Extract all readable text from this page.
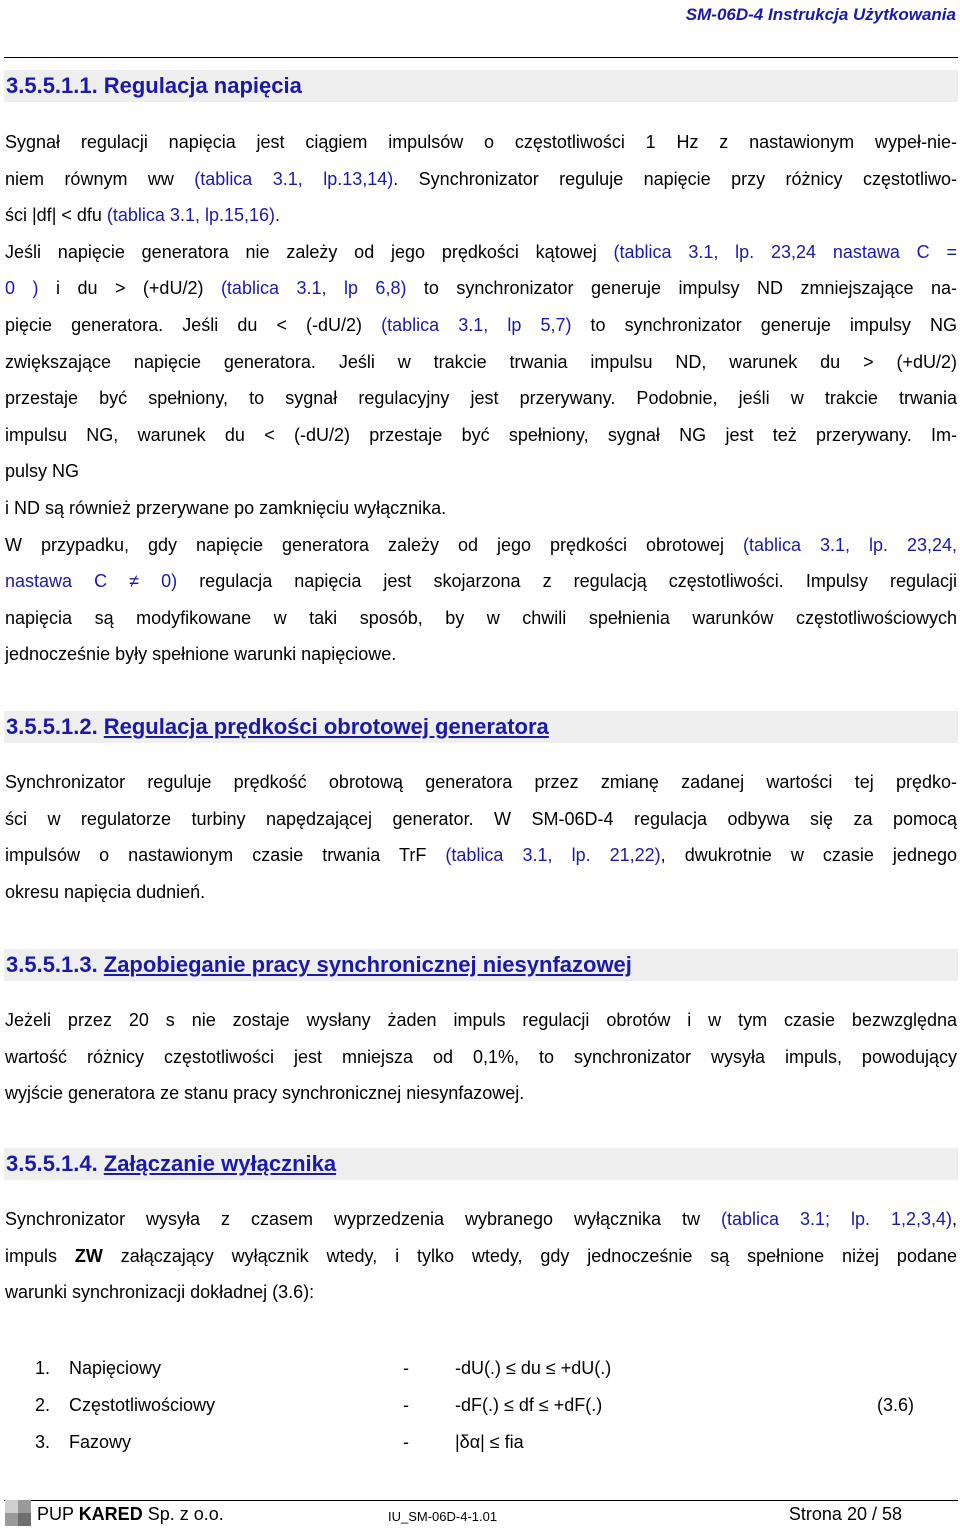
SM-06D-4 Instrukcja Użytkowania
3.5.5.1.1. Regulacja napięcia
Sygnał regulacji napięcia jest ciągiem impulsów o częstotliwości 1 Hz z nastawionym wypeł-nie-
niem równym ww (tablica 3.1, lp.13,14). Synchronizator reguluje napięcie przy różnicy częstotliwo-
ści |df| < dfu (tablica 3.1, lp.15,16).
Jeśli napięcie generatora nie zależy od jego prędkości kątowej (tablica 3.1, lp. 23,24 nastawa C =
0 ) i du > (+dU/2) (tablica 3.1, lp 6,8) to synchronizator generuje impulsy ND zmniejszające na-
pięcie generatora. Jeśli du < (-dU/2) (tablica 3.1, lp 5,7) to synchronizator generuje impulsy NG
zwiększające napięcie generatora. Jeśli w trakcie trwania impulsu ND, warunek du > (+dU/2)
przestaje być spełniony, to sygnał regulacyjny jest przerywany. Podobnie, jeśli w trakcie trwania
impulsu NG, warunek du < (-dU/2) przestaje być spełniony, sygnał NG jest też przerywany. Im-
pulsy NG
i ND są również przerywane po zamknięciu wyłącznika.
W przypadku, gdy napięcie generatora zależy od jego prędkości obrotowej (tablica 3.1, lp. 23,24,
nastawa C ≠ 0) regulacja napięcia jest skojarzona z regulacją częstotliwości. Impulsy regulacji
napięcia są modyfikowane w taki sposób, by w chwili spełnienia warunków częstotliwościowych
jednocześnie były spełnione warunki napięciowe.
3.5.5.1.2. Regulacja prędkości obrotowej generatora
Synchronizator reguluje prędkość obrotową generatora przez zmianę zadanej wartości tej prędko-
ści w regulatorze turbiny napędzającej generator. W SM-06D-4 regulacja odbywa się za pomocą
impulsów o nastawionym czasie trwania TrF (tablica 3.1, lp. 21,22), dwukrotnie w czasie jednego
okresu napięcia dudnień.
3.5.5.1.3. Zapobieganie pracy synchronicznej niesynfazowej
Jeżeli przez 20 s nie zostaje wysłany żaden impuls regulacji obrotów i w tym czasie bezwzględna
wartość różnicy częstotliwości jest mniejsza od 0,1%, to synchronizator wysyła impuls, powodujący
wyjście generatora ze stanu pracy synchronicznej niesynfazowej.
3.5.5.1.4. Załączanie wyłącznika
Synchronizator wysyła z czasem wyprzedzenia wybranego wyłącznika tw (tablica 3.1; lp. 1,2,3,4),
impuls ZW załączający wyłącznik wtedy, i tylko wtedy, gdy jednocześnie są spełnione niżej podane
warunki synchronizacji dokładnej (3.6):
1. Napięciowy	-	-dU(.) ≤ du ≤ +dU(.)
2. Częstotliwościowy	-	-dF(.) ≤ df ≤ +dF(.)	(3.6)
3. Fazowy	-	|δα| ≤ fia
PUP KARED Sp. z o.o.	IU_SM-06D-4-1.01	Strona 20 / 58
